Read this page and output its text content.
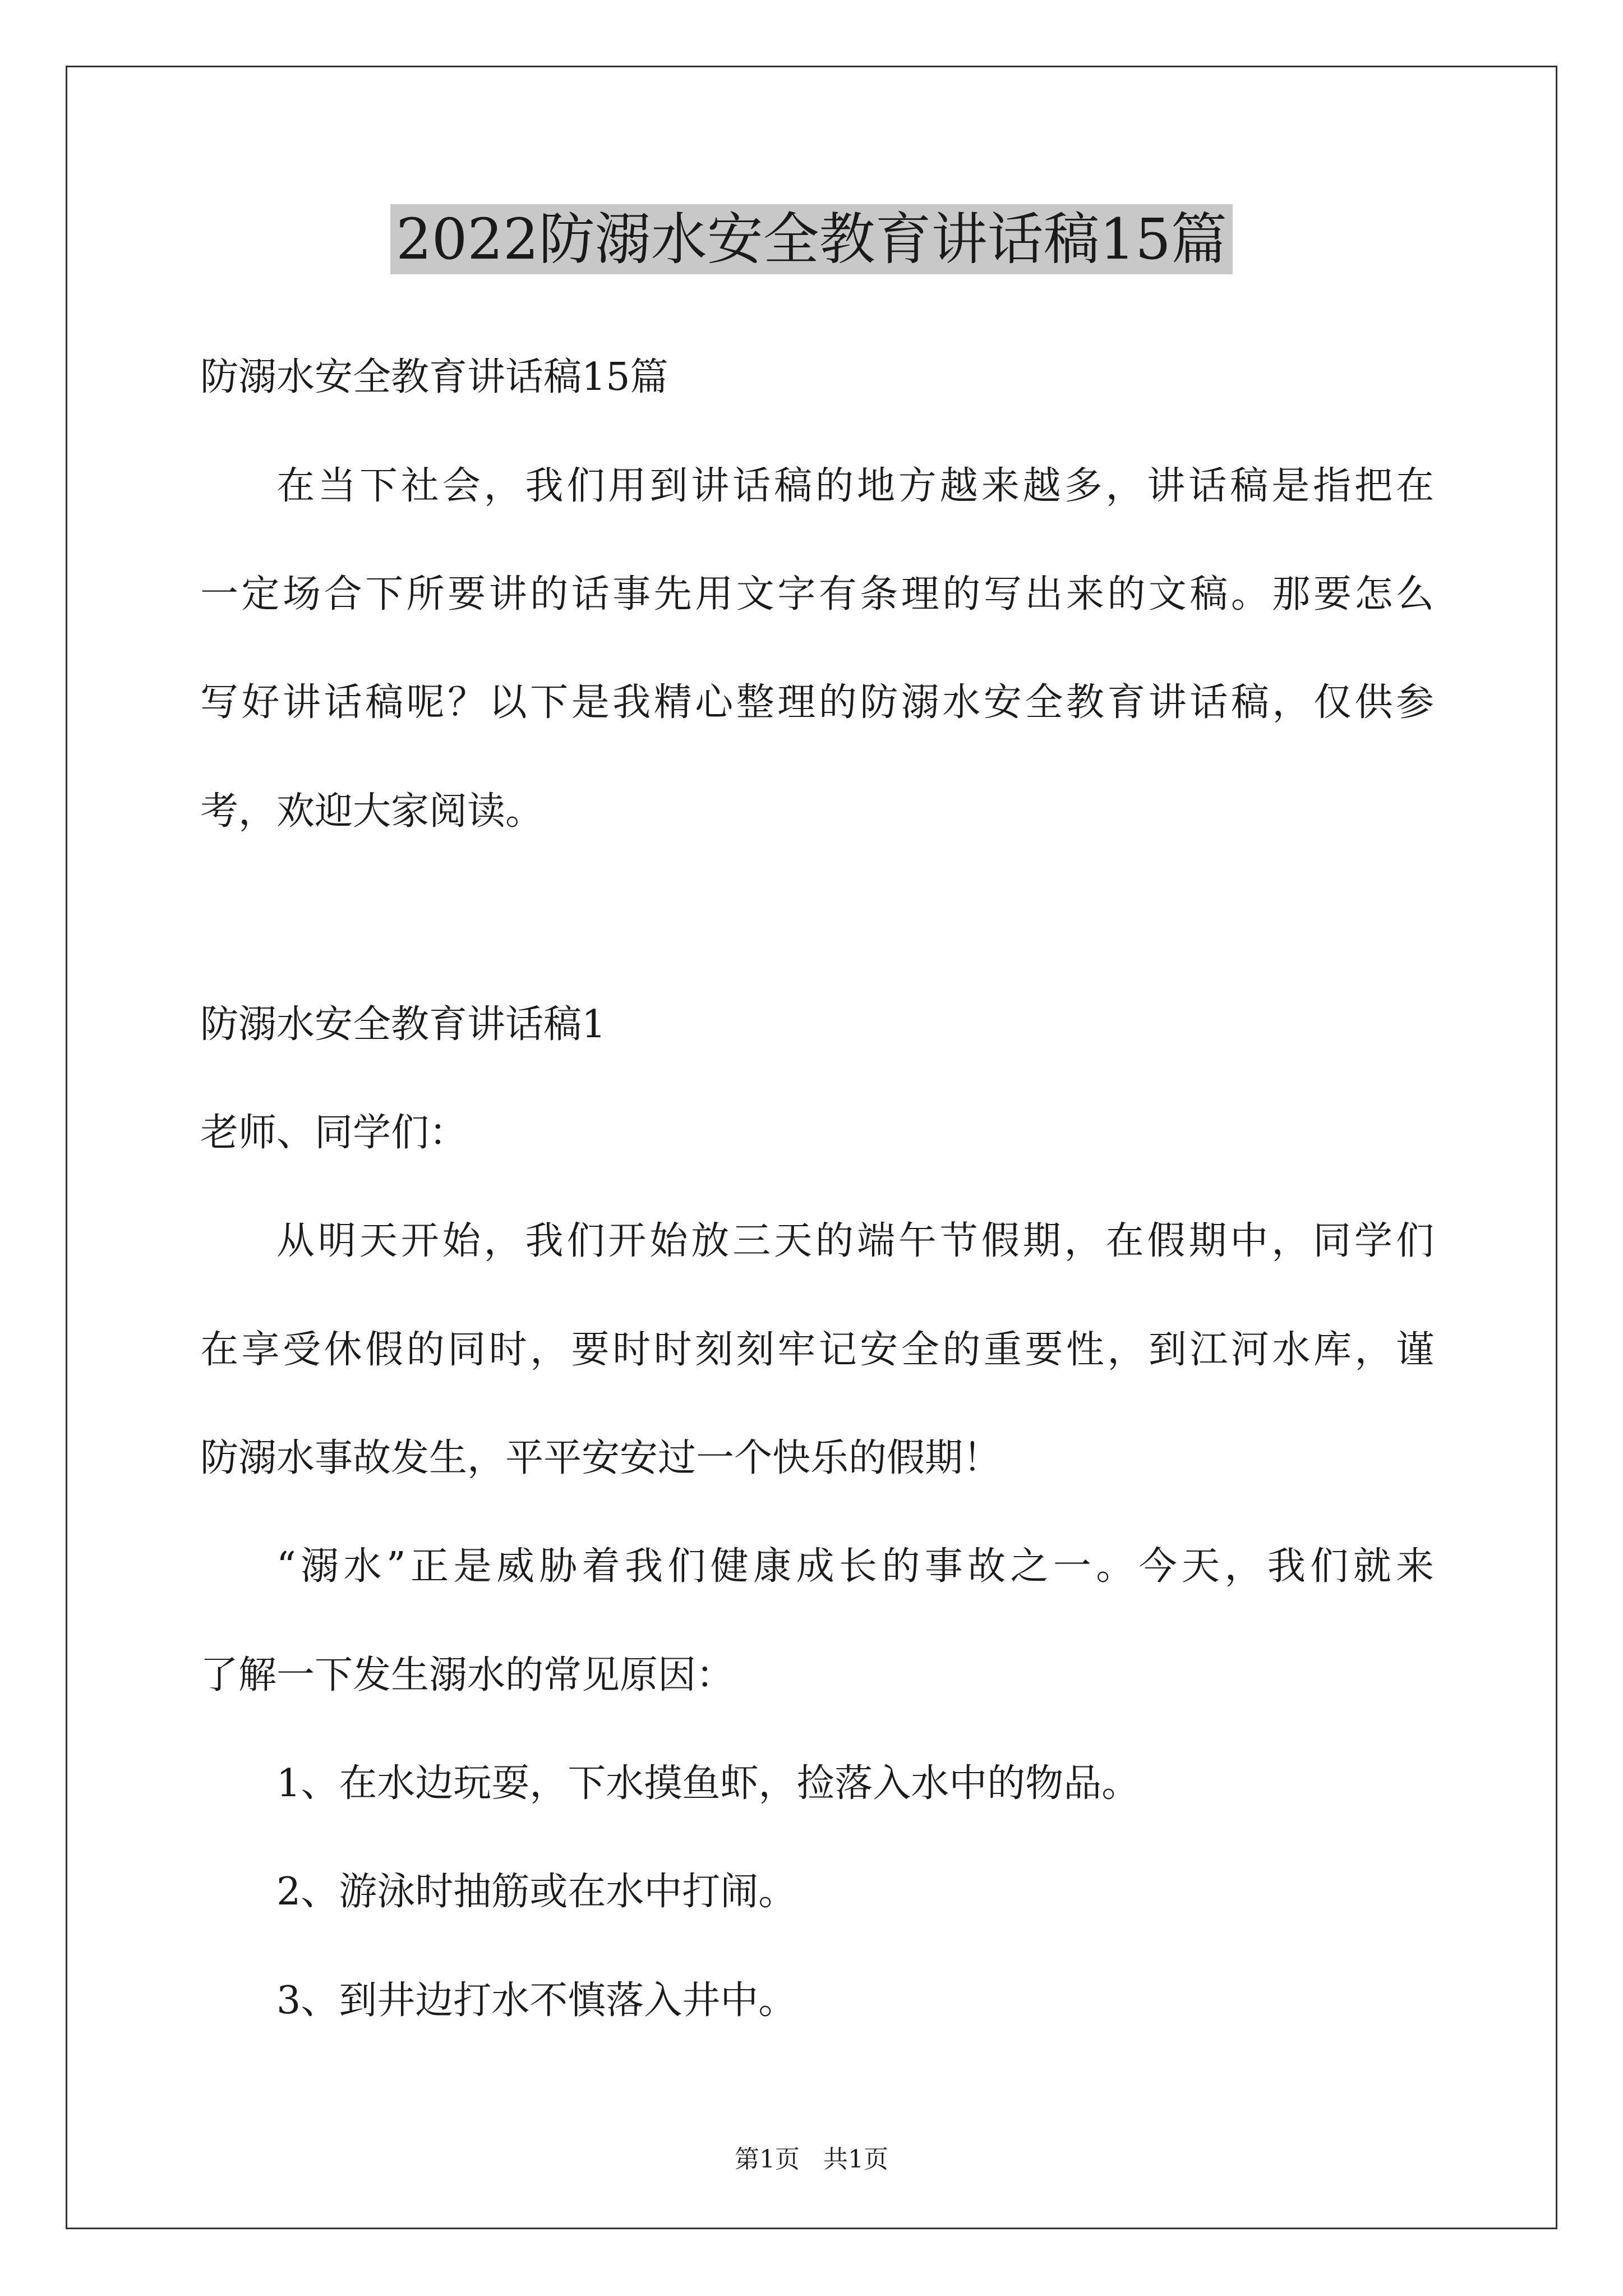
2022防溺水安全教育讲话稿15篇
防溺水安全教育讲话稿15篇
在当下社会，我们用到讲话稿的地方越来越多，讲话稿是指把在
一定场合下所要讲的话事先用文字有条理的写出来的文稿。那要怎么
写好讲话稿呢？以下是我精心整理的防溺水安全教育讲话稿，仅供参
考，欢迎大家阅读。
防溺水安全教育讲话稿1
老师、同学们：
从明天开始，我们开始放三天的端午节假期，在假期中，同学们
在享受休假的同时，要时时刻刻牢记安全的重要性，到江河水库，谨
防溺水事故发生，平平安安过一个快乐的假期！
“溺水”正是威胁着我们健康成长的事故之一。今天，我们就来
了解一下发生溺水的常见原因：
1、在水边玩耍，下水摸鱼虾，捡落入水中的物品。
2、游泳时抽筋或在水中打闹。
3、到井边打水不慎落入井中。
第1页   共1页
